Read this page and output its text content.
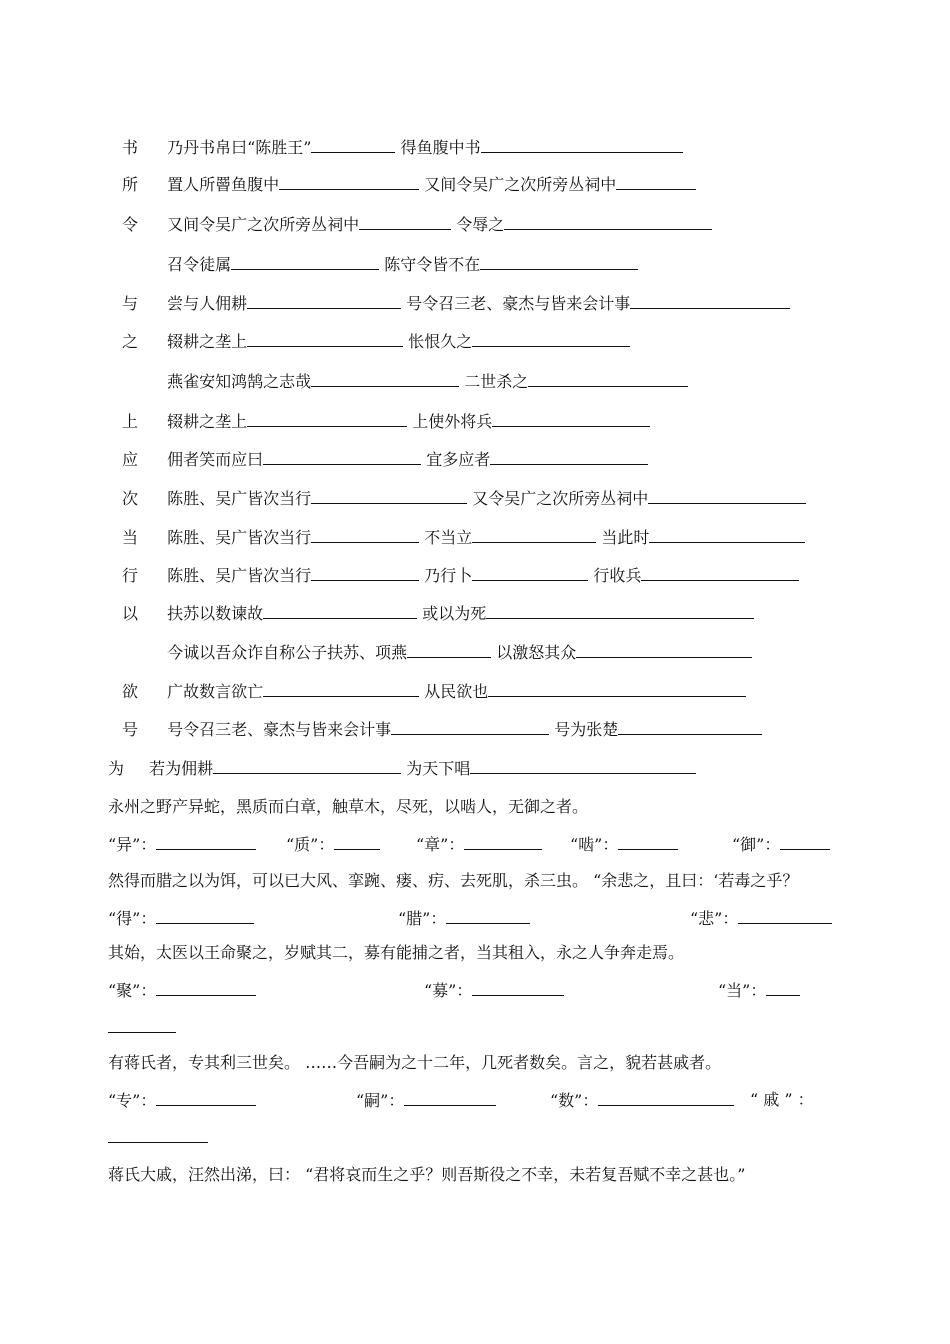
书 乃丹书帛曰“陈胜王”	得鱼腹中书
所 置人所罾鱼腹中	又间令吴广之次所旁丛祠中
令 又间令吴广之次所旁丛祠中	令辱之
召令徒属	陈守令皆不在
与 尝与人佣耕	号令召三老、豪杰与皆来会计事
之 辍耕之垄上	怅恨久之
燕雀安知鸿鹄之志哉	二世杀之
上 辍耕之垄上	上使外将兵
应 佣者笑而应曰	宜多应者
次 陈胜、吴广皆次当行	又令吴广之次所旁丛祠中
当 陈胜、吴广皆次当行	不当立	当此时
行 陈胜、吴广皆次当行	乃行卜	行收兵
以 扶苏以数谏故	或以为死
今诚以吾众诈自称公子扶苏、项燕	以激怒其众
欲 广故数言欲亡	从民欲也
号 号令召三老、豪杰与皆来会计事	号为张楚
为 若为佣耕	为天下唱
永州之野产异蛇，黑质而白章，触草木，尽死，以啮人，无御之者。
“异”：	“质”：	“章”：	“啮”：	“御”：
然得而腊之以为饵，可以已大风、挛踠、瘘、疠、去死肌，杀三虫。 “余悲之，且曰：‘若毒之乎？
“得”：	“腊”：	“悲”：
其始，太医以王命聚之，岁赋其二，募有能捕之者，当其租入，永之人争奔走焉。
“聚”：	“募”：	“当”：
有蒋氏者，专其利三世矣。 ……今吾嗣为之十二年，几死者数矣。言之，貌若甚戚者。
“专”：	“嗣”：	“数”：	“ 戚 ” ：
蒋氏大戚，汪然出涕，曰： “君将哀而生之乎？则吾斯役之不幸，未若复吾赋不幸之甚也。”
